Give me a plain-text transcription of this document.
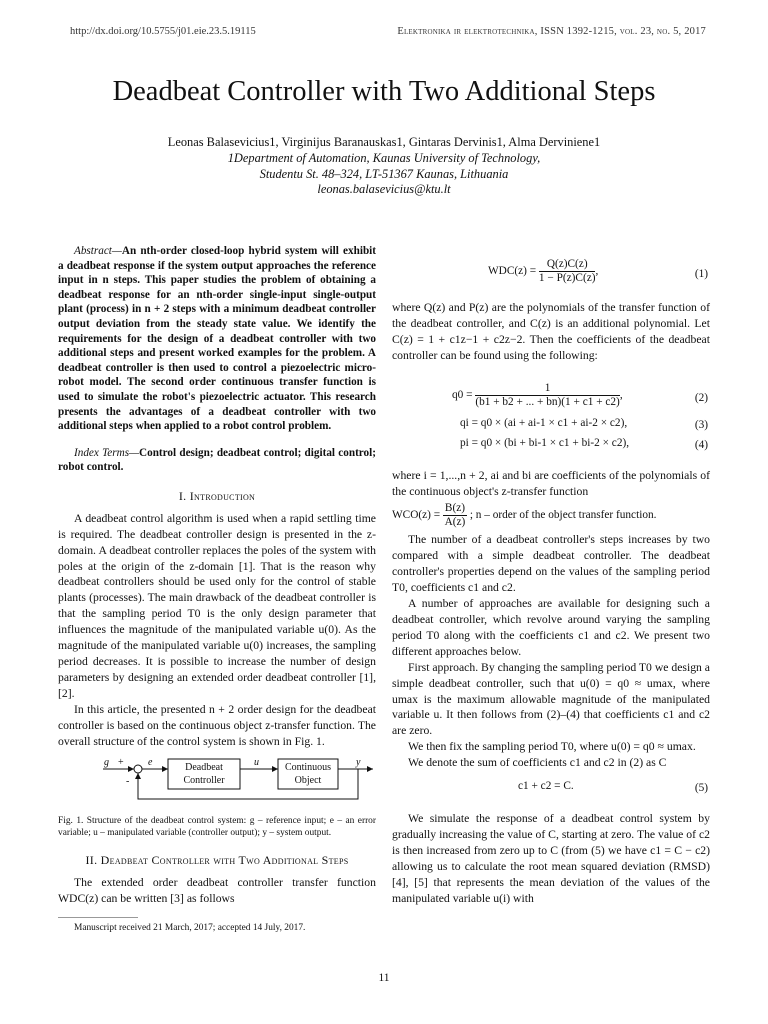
http://dx.doi.org/10.5755/j01.eie.23.5.19115	Elektronika ir elektrotechnika, ISSN 1392-1215, vol. 23, no. 5, 2017
Deadbeat Controller with Two Additional Steps
Leonas Balasevicius1, Virginijus Baranauskas1, Gintaras Dervinis1, Alma Derviniene1
1Department of Automation, Kaunas University of Technology,
Studentu St. 48–324, LT-51367 Kaunas, Lithuania
leonas.balasevicius@ktu.lt

Abstract—An nth-order closed-loop hybrid system will exhibit a deadbeat response if the system output approaches the reference input in n steps. This paper studies the problem of obtaining a deadbeat response for an nth-order single-input single-output plant (process) in n + 2 steps with a minimum deadbeat controller output deviation from the steady state value. We identify the requirements for the design of a deadbeat controller with two additional steps and present worked examples for the problem. A deadbeat controller is then used to control a piezoelectric micro-robot model. The second order continuous transfer function is used to simulate the robot's piezoelectric actuator. This research presents the advantages of a deadbeat controller with two additional steps when applied to a robot control problem.

Index Terms—Control design; deadbeat control; digital control; robot control.

I. Introduction

A deadbeat control algorithm is used when a rapid settling time is required. The deadbeat controller design is presented in the z-domain. A deadbeat controller replaces the poles of the system with poles at the origin of the z-domain [1]. That is the reason why deadbeat controllers should be used only for the control of stable plants (processes). The main drawback of the deadbeat controller is that the sampling period T0 is the only design parameter that influences the magnitude of the manipulated variable u(0). As the magnitude of the manipulated variable u(0) increases, the sampling period decreases. It is possible to increase the number of design parameters by designing an extended order deadbeat controller [1], [2].

In this article, the presented n + 2 order design for the deadbeat controller is based on the continuous object z-transfer function. The overall structure of the control system is shown in Fig. 1.

g +
-
e	Deadbeat
Controller
u	Continuous
Object
y

Fig. 1. Structure of the deadbeat control system: g – reference input; e – an error variable; u – manipulated variable (controller output); y – system output.

II. Deadbeat Controller with Two Additional Steps

The extended order deadbeat controller transfer function WDC(z) can be written [3] as follows

Manuscript received 21 March, 2017; accepted 14 July, 2017.

$WDC(z) = \frac{Q(z)C(z)}{1 - P(z)C(z)}$ ,	(1)

where Q(z) and P(z) are the polynomials of the transfer function of the deadbeat controller, and C(z) is an additional polynomial. Let C(z) = 1 + c1z−1 + c2z−2. Then the coefficients of the deadbeat controller can be found using the following:

$q0 = \frac{1}{(b1 + b2 + ... + bn)(1 + c1 + c2)}$ ,	(2)
qi = q0 × (ai + ai-1 × c1 + ai-2 × c2),	(3)
pi = q0 × (bi + bi-1 × c1 + bi-2 × c2),	(4)

where i = 1,...,n + 2, ai and bi are coefficients of the polynomials of the continuous object's z-transfer function

$WCO(z) = \frac{B(z)}{A(z)}$ ; n – order of the object transfer function.

The number of a deadbeat controller's steps increases by two compared with a simple deadbeat controller. The deadbeat controller's properties depend on the values of the sampling period T0, coefficients c1 and c2.

A number of approaches are available for designing such a deadbeat controller, which revolve around varying the sampling period T0 along with the coefficients c1 and c2. We present two different approaches below.

First approach. By changing the sampling period T0 we design a simple deadbeat controller, such that u(0) = q0 ≈ umax, where umax is the maximum allowable magnitude of the manipulated variable u. It then follows from (2)–(4) that coefficients c1 and c2 are zero.

We then fix the sampling period T0, where u(0) = q0 ≈ umax.

We denote the sum of coefficients c1 and c2 in (2) as C

c1 + c2 = C.	(5)

We simulate the response of a deadbeat control system by gradually increasing the value of C, starting at zero. The value of c2 is then increased from zero up to C (from (5) we have c1 = C − c2) allowing us to calculate the root mean squared deviation (RMSD) [4], [5] that represents the mean deviation of the values of the manipulated variable u(i) with

11
